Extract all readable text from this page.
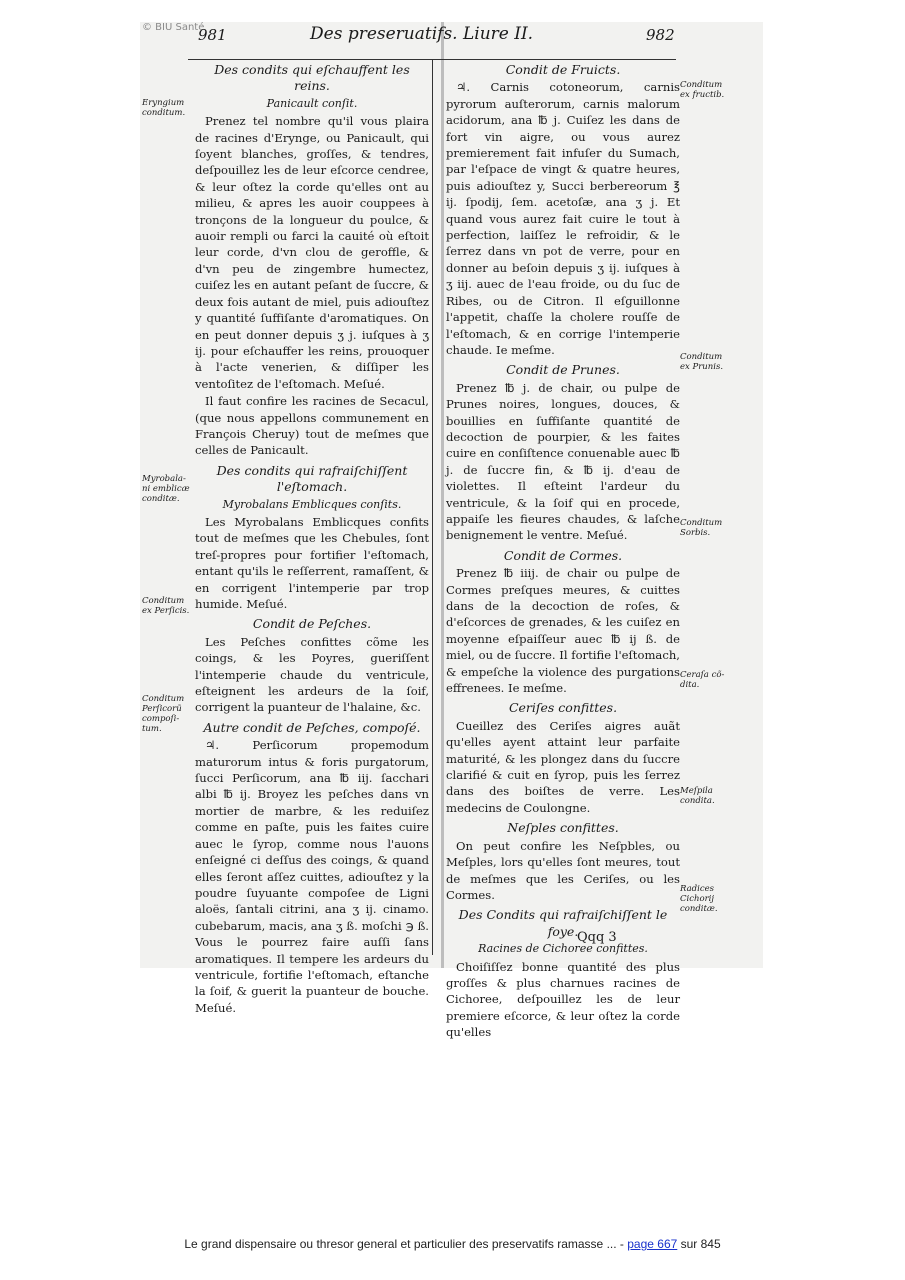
© BIU Santé
981	Des preseruatifs. Liure II.	982
Des condits qui eſchauffent les reins.
Panicault conſit.

Prenez tel nombre qu'il vous plaira de racines d'Erynge, ou Panicault, qui ſoyent blanches, groſſes, & tendres, deſpouillez les de leur eſcorce cendree, & leur oſtez la corde qu'elles ont au milieu, & apres les auoir couppees à tronçons de la longueur du poulce, & auoir rempli ou farci la cauité où eſtoit leur corde, d'vn clou de geroffle, & d'vn peu de zingembre humectez, cuiſez les en autant peſant de ſuccre, & deux fois autant de miel, puis adiouſtez y quantité ſuffiſante d'aromatiques. On en peut donner depuis ʒ j. iuſques à ʒ ij. pour eſchauffer les reins, prouoquer à l'acte venerien, & diſſiper les ventoſitez de l'eſtomach. Meſué.

Il faut confire les racines de Secacul, (que nous appellons communement en François Cheruy) tout de meſmes que celles de Panicault.

Des condits qui rafraiſchiſſent l'eſtomach.
Myrobalans Emblicques conſits.

Les Myrobalans Emblicques confits tout de meſmes que les Chebules, ſont treſ-propres pour fortifier l'eſtomach, entant qu'ils le reſſerrent, ramaſſent, & en corrigent l'intemperie par trop humide. Meſué.

Condit de Peſches.

Les Peſches confittes cõme les coings, & les Poyres, gueriſſent l'intemperie chaude du ventricule, eſteignent les ardeurs de la ſoif, corrigent la puanteur de l'halaine, &c.

Autre condit de Peſches, compoſé.

♃. Perſicorum propemodum maturorum intus & foris purgatorum, ſucci Perſicorum, ana ℔ iij. ſacchari albi ℔ ij. Broyez les peſches dans vn mortier de marbre, & les reduiſez comme en paſte, puis les faites cuire auec le ſyrop, comme nous l'auons enſeigné ci deſſus des coings, & quand elles ſeront aſſez cuittes, adiouſtez y la poudre ſuyuante compoſee de Ligni aloës, ſantali citrini, ana ʒ ij. cinamo. cubebarum, macis, ana ʒ ß. moſchi ℈ ß. Vous le pourrez faire auſſi ſans aromatiques. Il tempere les ardeurs du ventricule, fortifie l'eſtomach, eſtanche la ſoif, & guerit la puanteur de bouche. Meſué.

Condit de Fruicts.

♃. Carnis cotoneorum, carnis pyrorum auſterorum, carnis malorum acidorum, ana ℔ j. Cuiſez les dans de fort vin aigre, ou vous aurez premierement fait infuſer du Sumach, par l'eſpace de vingt & quatre heures, puis adiouſtez y, Succi berbereorum ℥ ij. ſpodij, ſem. acetoſæ, ana ʒ j. Et quand vous aurez fait cuire le tout à perfection, laiſſez le refroidir, & le ſerrez dans vn pot de verre, pour en donner au beſoin depuis ʒ ij. iuſques à ʒ iij. auec de l'eau froide, ou du ſuc de Ribes, ou de Citron. Il eſguillonne l'appetit, chaſſe la cholere rouſſe de l'eſtomach, & en corrige l'intemperie chaude. Ie meſme.

Condit de Prunes.

Prenez ℔ j. de chair, ou pulpe de Prunes noires, longues, douces, & bouillies en ſuffiſante quantité de decoction de pourpier, & les faites cuire en conſiſtence conuenable auec ℔ j. de ſuccre fin, & ℔ ij. d'eau de violettes. Il eſteint l'ardeur du ventricule, & la ſoif qui en procede, appaiſe les fieures chaudes, & laſche benignement le ventre. Meſué.

Condit de Cormes.

Prenez ℔ iiij. de chair ou pulpe de Cormes preſques meures, & cuittes dans de la decoction de roſes, & d'eſcorces de grenades, & les cuiſez en moyenne eſpaiſſeur auec ℔ ij ß. de miel, ou de ſuccre. Il fortifie l'eſtomach, & empeſche la violence des purgations effrenees. Ie meſme.

Ceriſes confittes.

Cueillez des Ceriſes aigres auãt qu'elles ayent attaint leur parfaite maturité, & les plongez dans du ſuccre clarifié & cuit en ſyrop, puis les ſerrez dans des boiſtes de verre. Les medecins de Coulongne.

Neſples confittes.

On peut confire les Neſpbles, ou Meſples, lors qu'elles ſont meures, tout de meſmes que les Ceriſes, ou les Cormes.

Des Condits qui rafraiſchiſſent le foye.
Racines de Cichoree confittes.

Choiſiſſez bonne quantité des plus groſſes & plus charnues racines de Cichoree, deſpouillez les de leur premiere eſcorce, & leur oſtez la corde qu'elles

Eryngium
conditum.
Myrobala-
ni emblicæ
conditæ.
Conditum
ex Perſicis.
Conditum
Perſicorũ
compoſi-
tum.
Conditum
ex fructib.
Conditum
ex Prunis.
Conditum
Sorbis.
Ceraſa cõ-
dita.
Meſpila
condita.
Radices
Cichorij
conditæ.
Qqq 3
Le grand dispensaire ou thresor general et particulier des preservatifs ramasse ... - page 667 sur 845
